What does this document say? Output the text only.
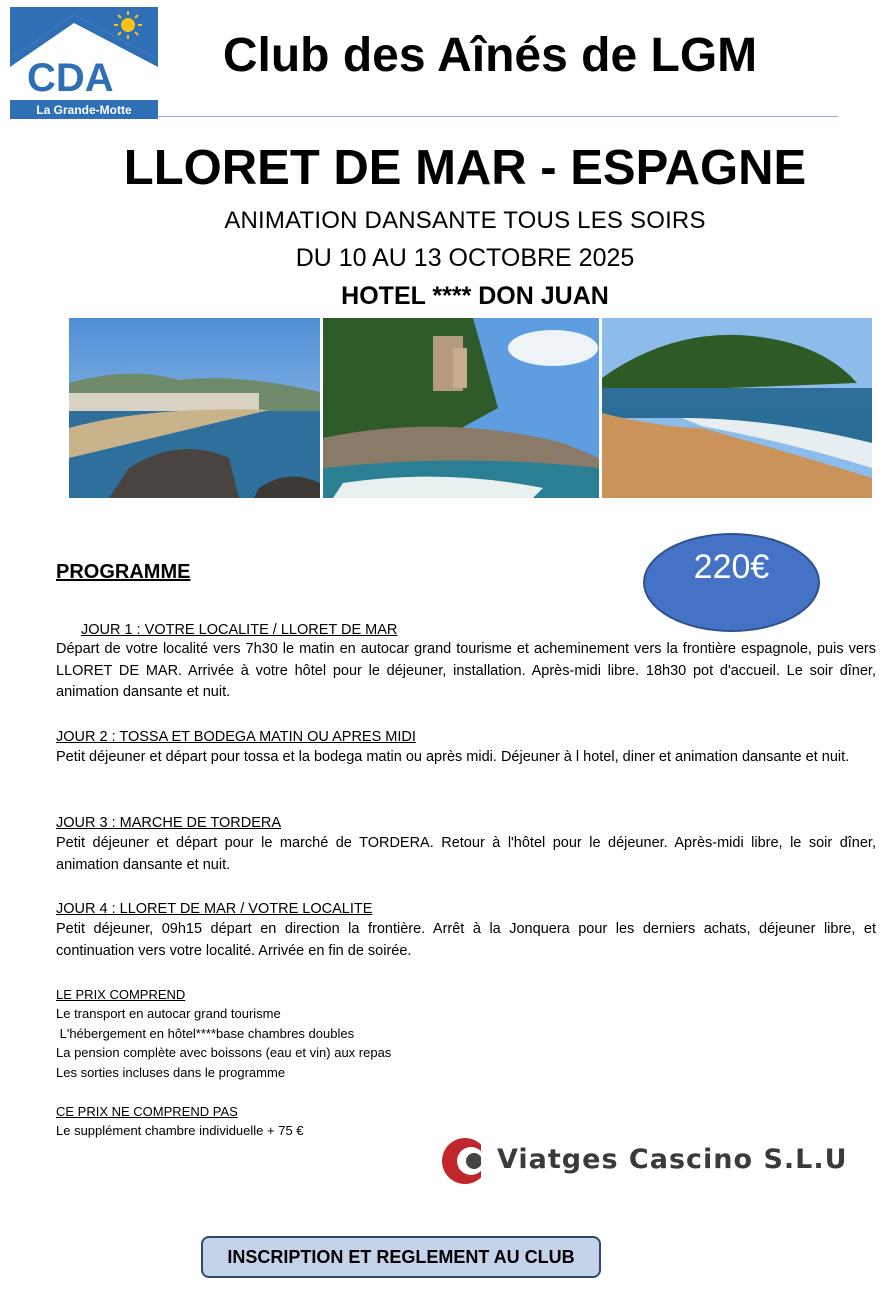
CDA
La Grande-Motte
Club des Aînés de LGM
LLORET DE MAR - ESPAGNE
ANIMATION DANSANTE TOUS LES SOIRS
DU 10 AU 13 OCTOBRE 2025
HOTEL **** DON JUAN
220€
PROGRAMME
JOUR 1 : VOTRE LOCALITE / LLORET DE MAR
Départ de votre localité vers 7h30 le matin en autocar grand tourisme et acheminement vers la frontière espagnole, puis vers LLORET DE MAR. Arrivée à votre hôtel pour le déjeuner, installation. Après-midi libre. 18h30 pot d'accueil. Le soir dîner, animation dansante et nuit.
JOUR 2 : TOSSA ET BODEGA MATIN OU APRES MIDI
Petit déjeuner et départ pour tossa et la bodega matin ou après midi. Déjeuner à l hotel, diner et animation dansante et nuit.
JOUR 3 : MARCHE DE TORDERA
Petit déjeuner et départ pour le marché de TORDERA. Retour à l'hôtel pour le déjeuner. Après-midi libre, le soir dîner, animation dansante et nuit.
JOUR 4 : LLORET DE MAR / VOTRE LOCALITE
Petit déjeuner, 09h15 départ en direction la frontière. Arrêt à la Jonquera pour les derniers achats, déjeuner libre, et continuation vers votre localité. Arrivée en fin de soirée.
LE PRIX COMPREND
Le transport en autocar grand tourisme
L'hébergement en hôtel****base chambres doubles
La pension complète avec boissons (eau et vin) aux repas
Les sorties incluses dans le programme
CE PRIX NE COMPREND PAS
Le supplément chambre individuelle + 75 €
Viatges Cascino S.L.U
INSCRIPTION ET REGLEMENT AU CLUB
